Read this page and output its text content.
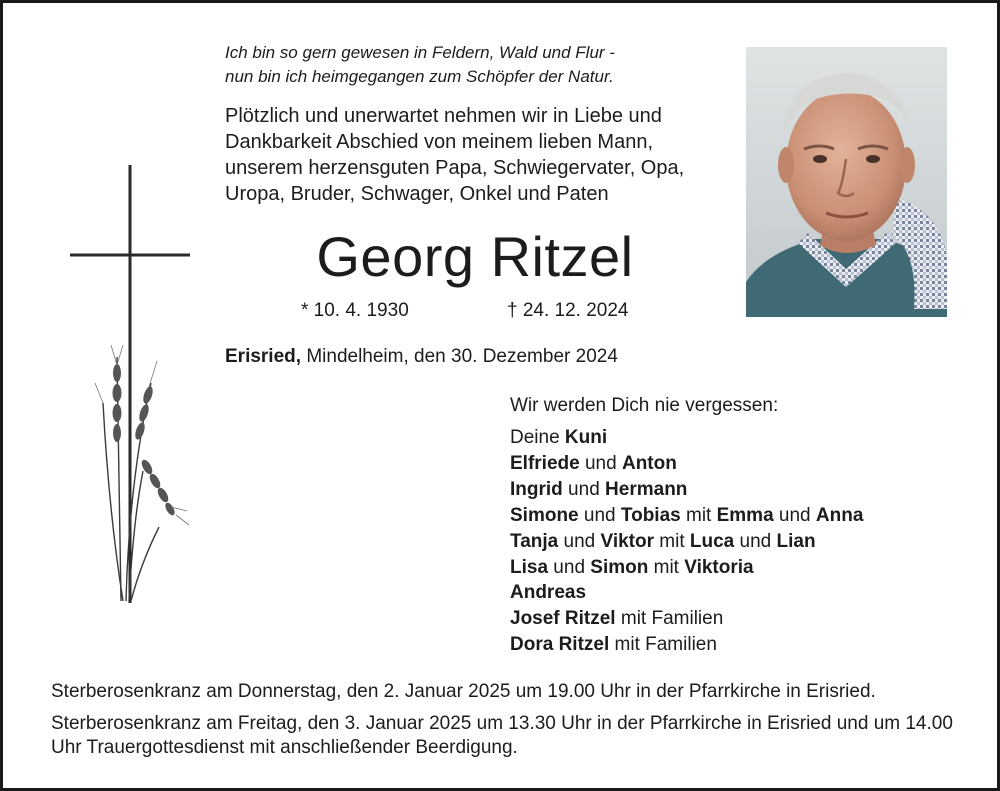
Ich bin so gern gewesen in Feldern, Wald und Flur -
nun bin ich heimgegangen zum Schöpfer der Natur.
Plötzlich und unerwartet nehmen wir in Liebe und
Dankbarkeit Abschied von meinem lieben Mann,
unserem herzensguten Papa, Schwiegervater, Opa,
Uropa, Bruder, Schwager, Onkel und Paten
Georg Ritzel
* 10. 4. 1930	† 24. 12. 2024
Erisried, Mindelheim, den 30. Dezember 2024
Wir werden Dich nie vergessen:
Deine Kuni
Elfriede und Anton
Ingrid und Hermann
Simone und Tobias mit Emma und Anna
Tanja und Viktor mit Luca und Lian
Lisa und Simon mit Viktoria
Andreas
Josef Ritzel mit Familien
Dora Ritzel mit Familien

Sterberosenkranz am Donnerstag, den 2. Januar 2025 um 19.00 Uhr in der Pfarrkirche in Erisried.

Sterberosenkranz am Freitag, den 3. Januar 2025 um 13.30 Uhr in der Pfarrkirche in Erisried und um 14.00 Uhr Trauergottesdienst mit anschließender Beerdigung.
